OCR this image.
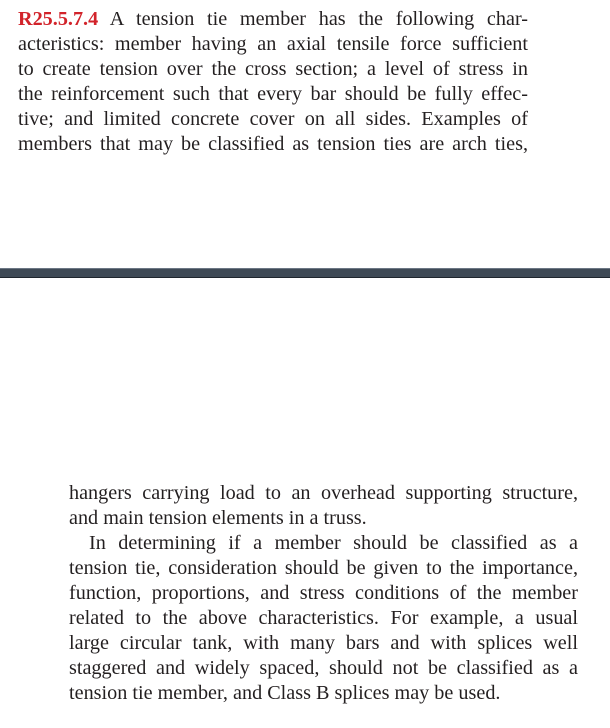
R25.5.7.4 A tension tie member has the following char-
acteristics: member having an axial tensile force sufficient
to create tension over the cross section; a level of stress in
the reinforcement such that every bar should be fully effec-
tive; and limited concrete cover on all sides. Examples of
members that may be classified as tension ties are arch ties,
hangers carrying load to an overhead supporting structure,
and main tension elements in a truss.
In determining if a member should be classified as a
tension tie, consideration should be given to the importance,
function, proportions, and stress conditions of the member
related to the above characteristics. For example, a usual
large circular tank, with many bars and with splices well
staggered and widely spaced, should not be classified as a
tension tie member, and Class B splices may be used.
